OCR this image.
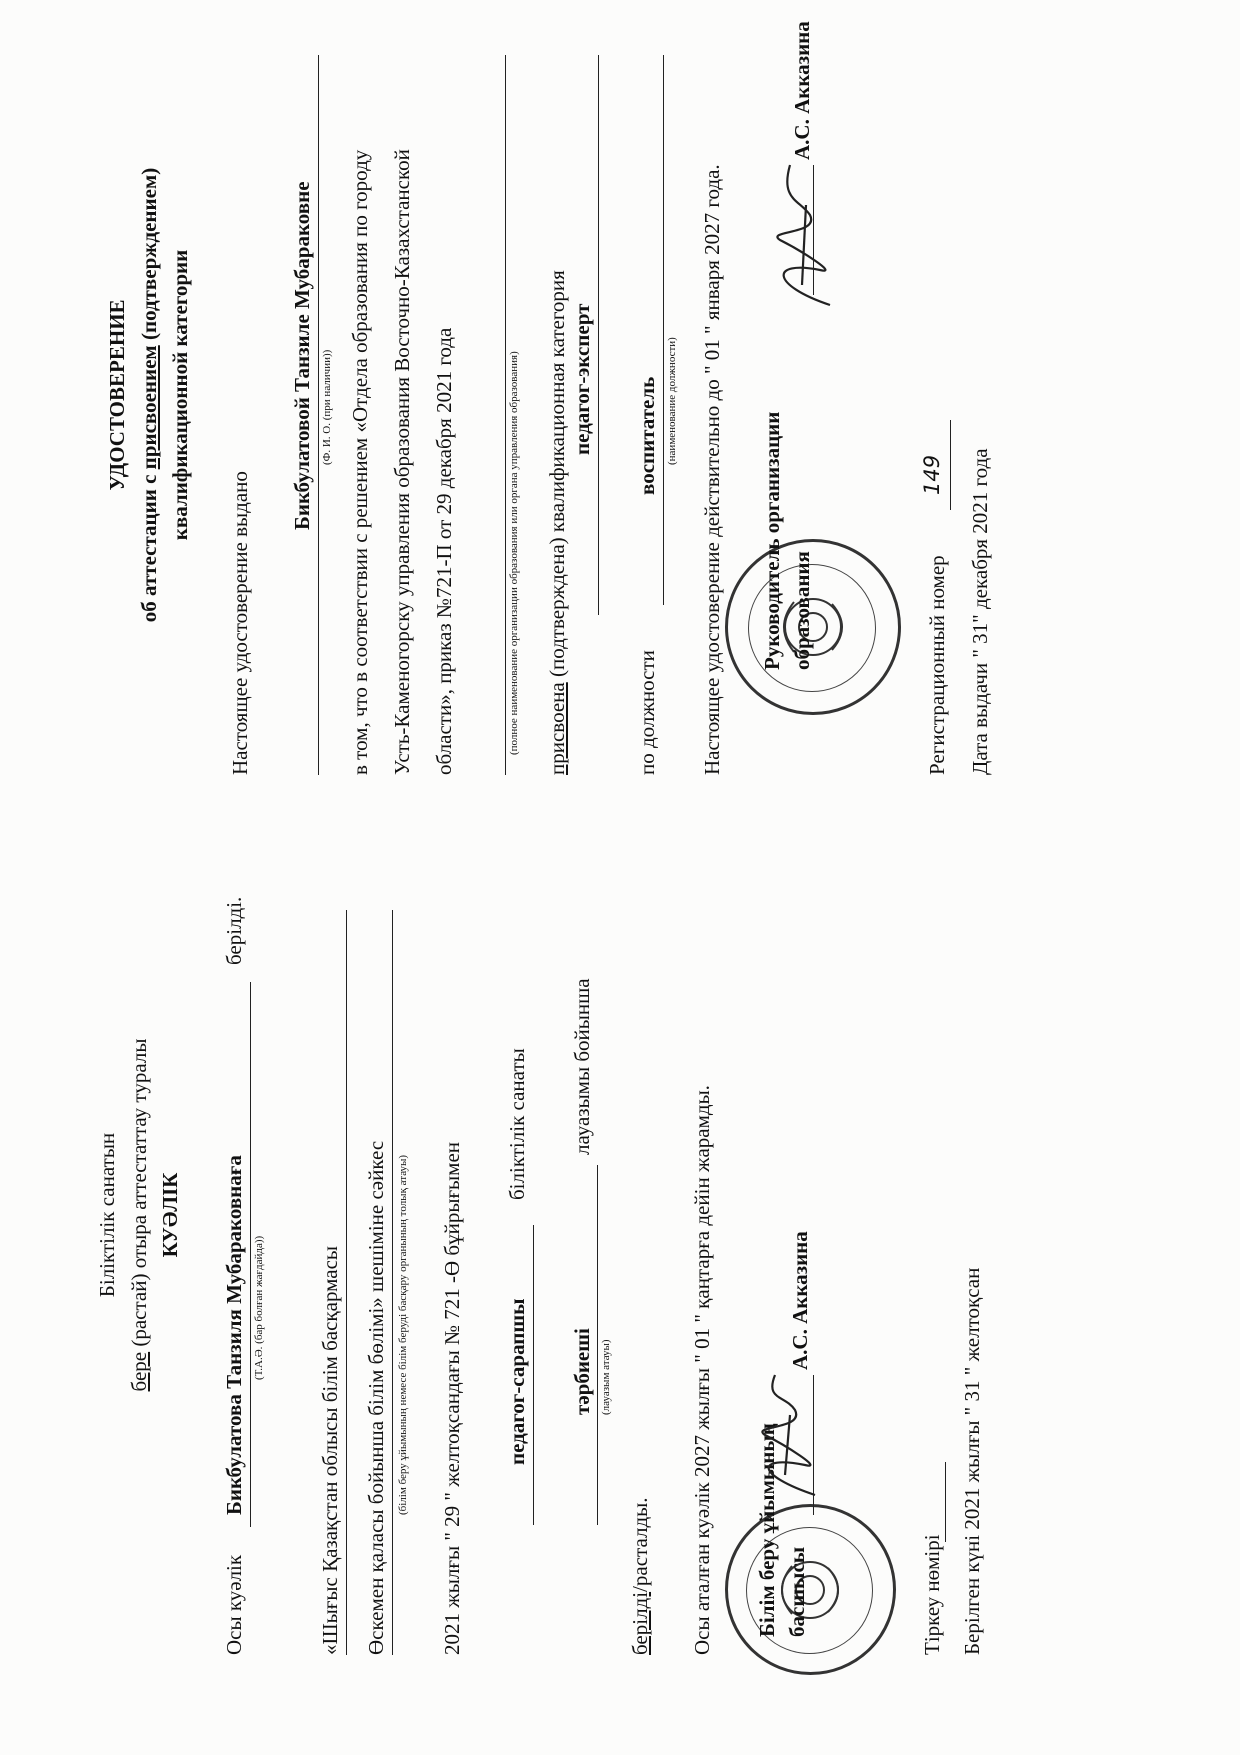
Біліктілік санатын
бере (растай) отыра аттестаттау туралы КУӘЛІК
Осы куәлік
Бикбулатова Танзиля Мубараковнаға
берілді.
(Т.А.Ә. (бар болған жағдайда))	«Шығыс Қазақстан облысы білім басқармасы Өскемен қаласы бойынша білім бөлімі» шешіміне сәйкес (білім беру ұйымының немесе білім беруді басқару органының толық атауы) 2021 жылғы " 29 " желтоқсандағы № 721 -Ө бұйрығымен педагог-сарапшы
біліктілік санаты
тәрбиеші
лауазымы бойынша
(лауазым атауы)
берілді/расталды. Осы аталған куәлік 2027 жылғы " 01 " қаңтарға дейін жарамды. Білім беру ұйымының басшысы
А.С. Акказина
Тіркеу нөмірі Берілген күні 2021 жылғы " 31 " желтоқсан
УДОСТОВЕРЕНИЕ
об аттестации с присвоением (подтверждением) квалификационной категории
Настоящее удостоверение выдано
Бикбулатовой Танзиле Мубараковне (Ф. И. О. (при наличии)) в том, что в соответствии с решением «Отдела образования по городу Усть-Каменогорску управления образования Восточно-Казахстанской области», приказ №721-П от 29 декабря 2021 года	(полное наименование организации образования или органа управления образования) присвоена (подтверждена) квалификационная категория педагог-эксперт
по должности
воспитатель (наименование должности) Настоящее удостоверение действительно до " 01 " января 2027 года. Руководитель организации образования
А.С. Акказина
Регистрационный номер
149 Дата выдачи " 31" декабря 2021 года
